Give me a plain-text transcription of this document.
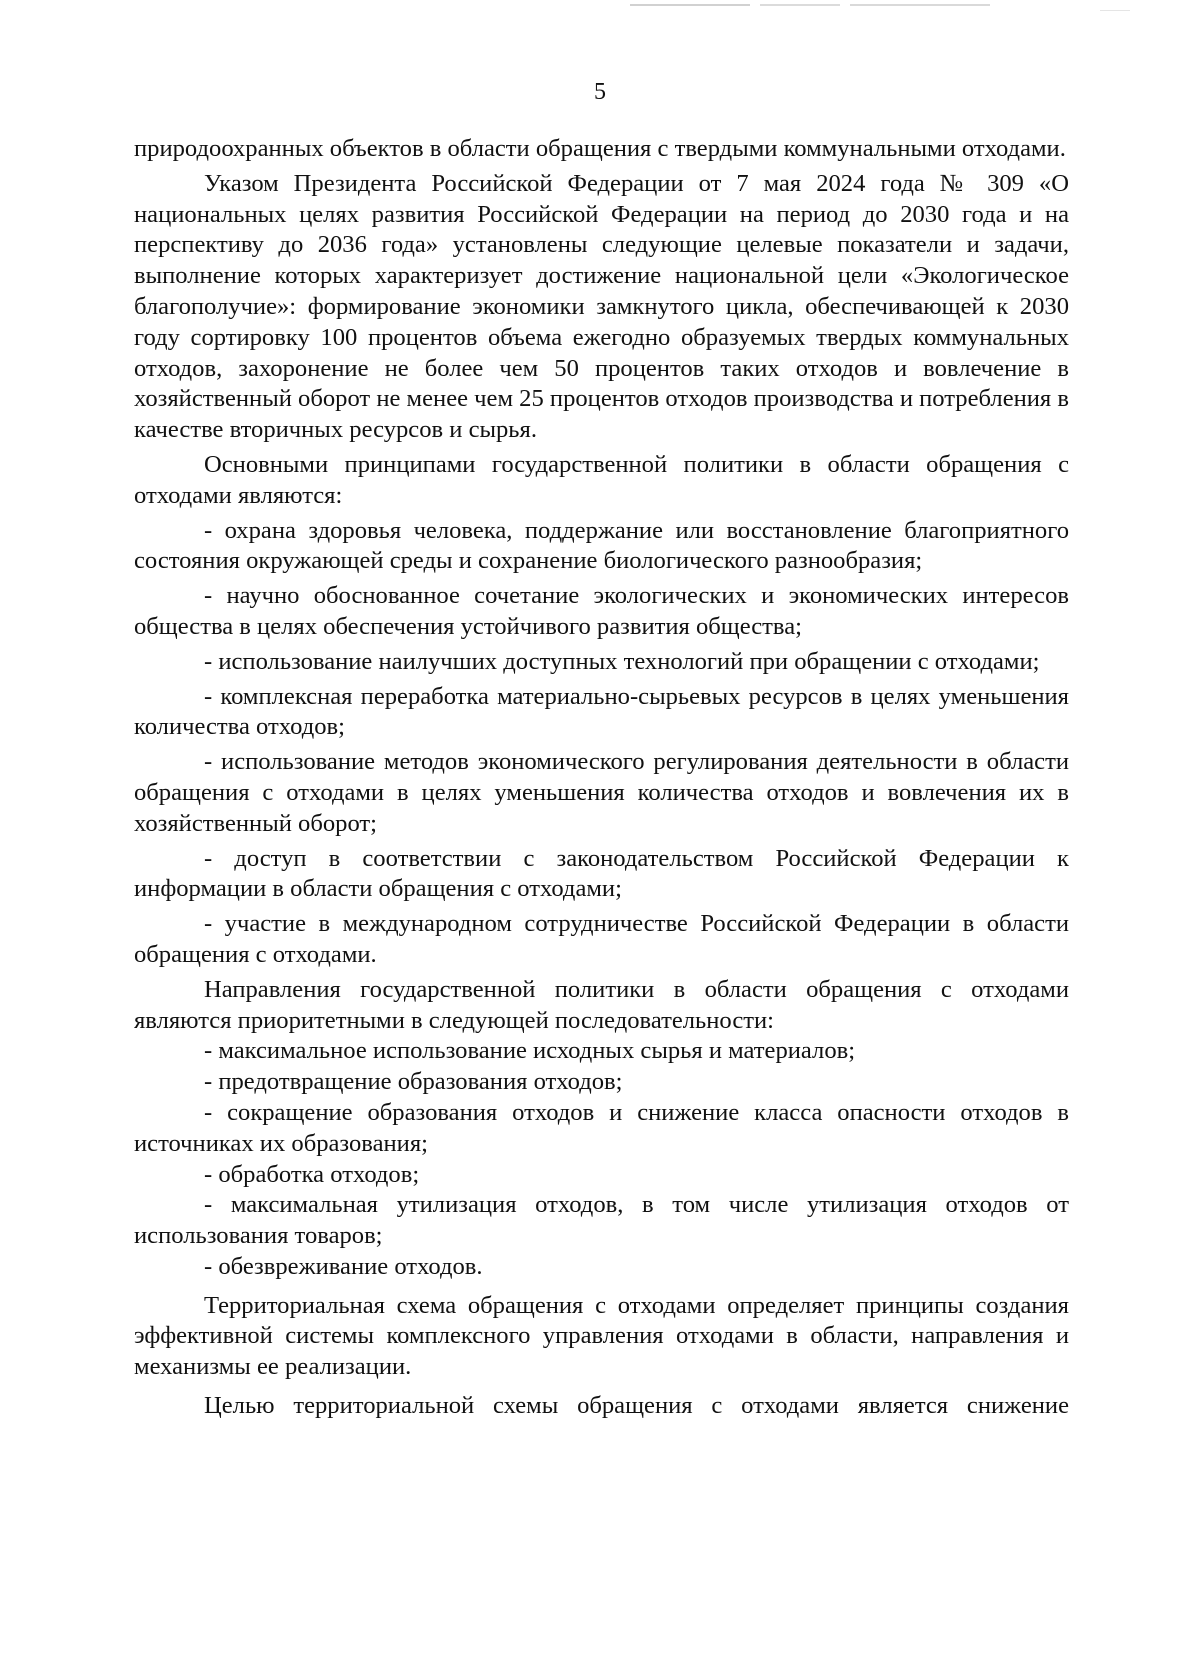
5

природоохранных объектов в области обращения с твердыми коммунальными отходами.

Указом Президента Российской Федерации от 7 мая 2024 года № 309 «О национальных целях развития Российской Федерации на период до 2030 года и на перспективу до 2036 года» установлены следующие целевые показатели и задачи, выполнение которых характеризует достижение национальной цели «Экологическое благополучие»: формирование экономики замкнутого цикла, обеспечивающей к 2030 году сортировку 100 процентов объема ежегодно образуемых твердых коммунальных отходов, захоронение не более чем 50 процентов таких отходов и вовлечение в хозяйственный оборот не менее чем 25 процентов отходов производства и потребления в качестве вторичных ресурсов и сырья.

Основными принципами государственной политики в области обращения с отходами являются:

- охрана здоровья человека, поддержание или восстановление благоприятного состояния окружающей среды и сохранение биологического разнообразия;

- научно обоснованное сочетание экологических и экономических интересов общества в целях обеспечения устойчивого развития общества;

- использование наилучших доступных технологий при обращении с отходами;

- комплексная переработка материально-сырьевых ресурсов в целях уменьшения количества отходов;

- использование методов экономического регулирования деятельности в области обращения с отходами в целях уменьшения количества отходов и вовлечения их в хозяйственный оборот;

- доступ в соответствии с законодательством Российской Федерации к информации в области обращения с отходами;

- участие в международном сотрудничестве Российской Федерации в области обращения с отходами.

Направления государственной политики в области обращения с отходами являются приоритетными в следующей последовательности:

- максимальное использование исходных сырья и материалов;

- предотвращение образования отходов;

- сокращение образования отходов и снижение класса опасности отходов в источниках их образования;

- обработка отходов;

- максимальная утилизация отходов, в том числе утилизация отходов от использования товаров;

- обезвреживание отходов.

Территориальная схема обращения с отходами определяет принципы создания эффективной системы комплексного управления отходами в области, направления и механизмы ее реализации.

Целью территориальной схемы обращения с отходами является снижение
